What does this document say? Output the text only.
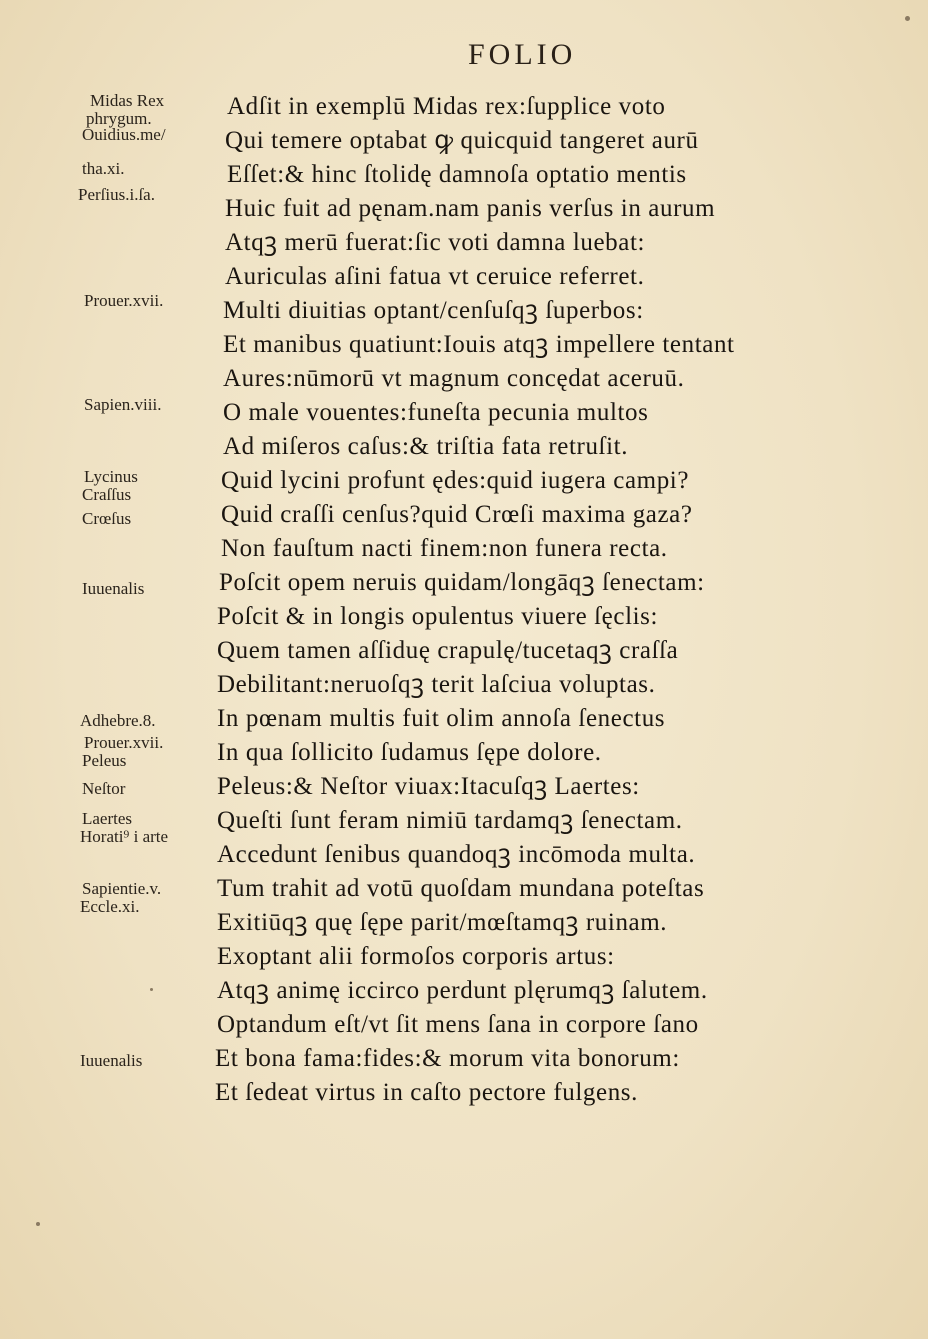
FOLIO
Adſit in exemplū Midas rex:ſupplice voto
Qui temere optabat ꝙ quicquid tangeret aurū
Eſſet:& hinc ſtolidę damnoſa optatio mentis
Huic fuit ad pęnam.nam panis verſus in aurum
Atqꝫ merū fuerat:ſic voti damna luebat:
Auriculas aſini fatua vt ceruice referret.
Multi diuitias optant/cenſuſqꝫ ſuperbos:
Et manibus quatiunt:Iouis atqꝫ impellere tentant
Aures:nūmorū vt magnum concędat aceruū.
O male vouentes:funeſta pecunia multos
Ad miſeros caſus:& triſtia fata retruſit.
Quid lycini profunt ędes:quid iugera campi?
Quid craſſi cenſus?quid Crœſi maxima gaza?
Non fauſtum nacti finem:non funera recta.
Poſcit opem neruis quidam/longāqꝫ ſenectam:
Poſcit & in longis opulentus viuere ſęclis:
Quem tamen aſſiduę crapulę/tucetaqꝫ craſſa
Debilitant:neruoſqꝫ terit laſciua voluptas.
In pœnam multis fuit olim annoſa ſenectus
In qua ſollicito ſudamus ſępe dolore.
Peleus:& Neſtor viuax:Itacuſqꝫ Laertes:
Queſti ſunt feram nimiū tardamqꝫ ſenectam.
Accedunt ſenibus quandoqꝫ incōmoda multa.
Tum trahit ad votū quoſdam mundana poteſtas
Exitiūqꝫ quę ſępe parit/mœſtamqꝫ ruinam.
Exoptant alii formoſos corporis artus:
Atqꝫ animę iccirco perdunt plęrumqꝫ ſalutem.
Optandum eſt/vt ſit mens ſana in corpore ſano
Et bona fama:fides:& morum vita bonorum:
Et ſedeat virtus in caſto pectore fulgens.
Midas Rex
phrygum.
Ouidius.me/
tha.xi.
Perſius.i.ſa.
Prouer.xvii.
Sapien.viii.
Lycinus
Craſſus
Crœſus
Iuuenalis
Adhebre.8.
Prouer.xvii.
Peleus
Neſtor
Laertes
Horati⁹ i arte
Sapientie.v.
Eccle.xi.
Iuuenalis
